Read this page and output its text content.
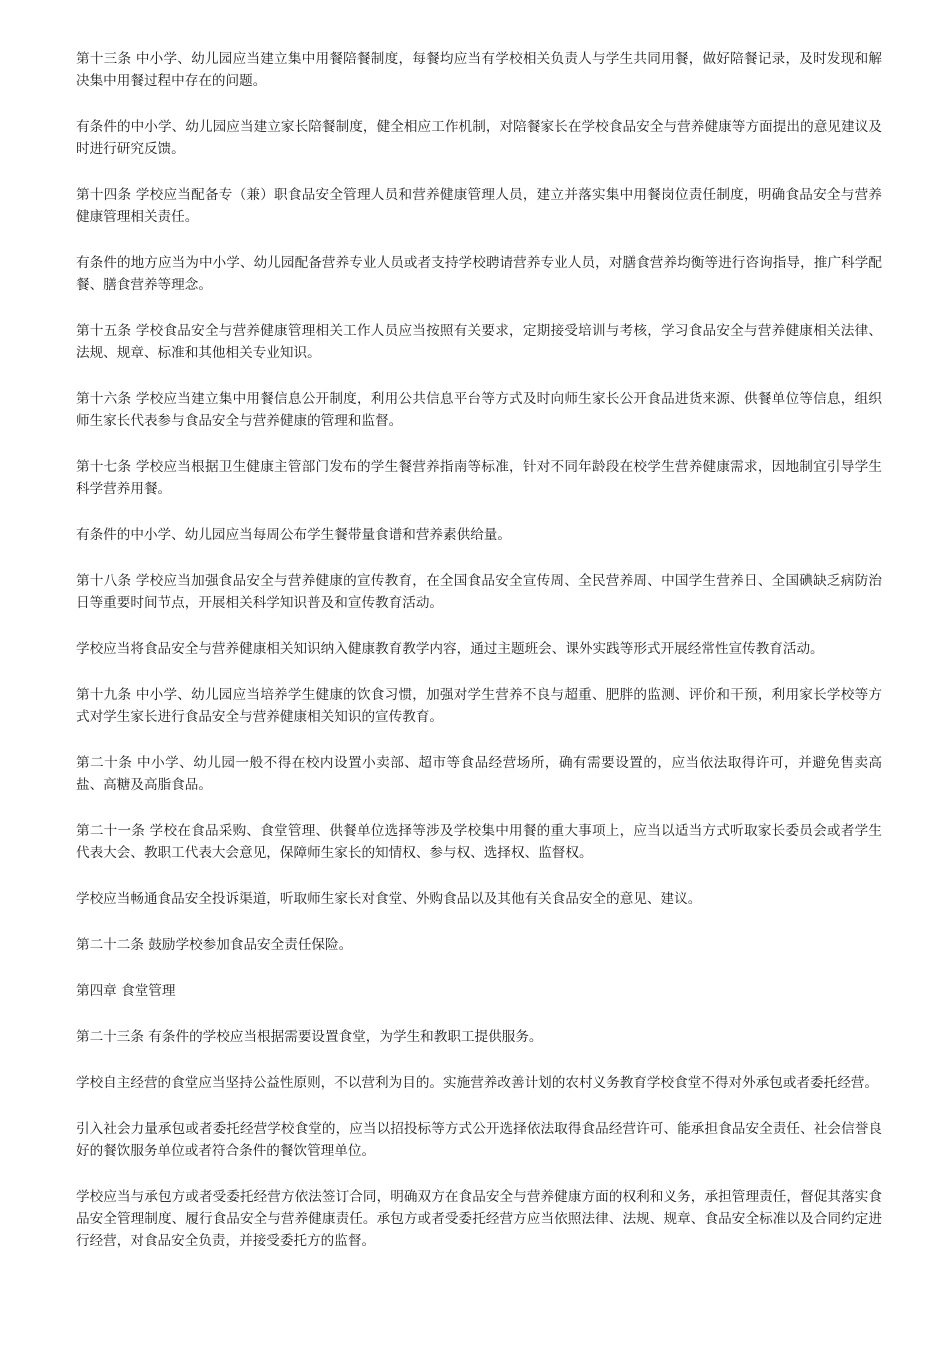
第十三条 中小学、幼儿园应当建立集中用餐陪餐制度，每餐均应当有学校相关负责人与学生共同用餐，做好陪餐记录，及时发现和解决集中用餐过程中存在的问题。

有条件的中小学、幼儿园应当建立家长陪餐制度，健全相应工作机制，对陪餐家长在学校食品安全与营养健康等方面提出的意见建议及时进行研究反馈。

第十四条 学校应当配备专（兼）职食品安全管理人员和营养健康管理人员，建立并落实集中用餐岗位责任制度，明确食品安全与营养健康管理相关责任。

有条件的地方应当为中小学、幼儿园配备营养专业人员或者支持学校聘请营养专业人员，对膳食营养均衡等进行咨询指导，推广科学配餐、膳食营养等理念。

第十五条 学校食品安全与营养健康管理相关工作人员应当按照有关要求，定期接受培训与考核，学习食品安全与营养健康相关法律、法规、规章、标准和其他相关专业知识。

第十六条 学校应当建立集中用餐信息公开制度，利用公共信息平台等方式及时向师生家长公开食品进货来源、供餐单位等信息，组织师生家长代表参与食品安全与营养健康的管理和监督。

第十七条 学校应当根据卫生健康主管部门发布的学生餐营养指南等标准，针对不同年龄段在校学生营养健康需求，因地制宜引导学生科学营养用餐。

有条件的中小学、幼儿园应当每周公布学生餐带量食谱和营养素供给量。

第十八条 学校应当加强食品安全与营养健康的宣传教育，在全国食品安全宣传周、全民营养周、中国学生营养日、全国碘缺乏病防治日等重要时间节点，开展相关科学知识普及和宣传教育活动。

学校应当将食品安全与营养健康相关知识纳入健康教育教学内容，通过主题班会、课外实践等形式开展经常性宣传教育活动。

第十九条 中小学、幼儿园应当培养学生健康的饮食习惯，加强对学生营养不良与超重、肥胖的监测、评价和干预，利用家长学校等方式对学生家长进行食品安全与营养健康相关知识的宣传教育。

第二十条 中小学、幼儿园一般不得在校内设置小卖部、超市等食品经营场所，确有需要设置的，应当依法取得许可，并避免售卖高盐、高糖及高脂食品。

第二十一条 学校在食品采购、食堂管理、供餐单位选择等涉及学校集中用餐的重大事项上，应当以适当方式听取家长委员会或者学生代表大会、教职工代表大会意见，保障师生家长的知情权、参与权、选择权、监督权。

学校应当畅通食品安全投诉渠道，听取师生家长对食堂、外购食品以及其他有关食品安全的意见、建议。

第二十二条 鼓励学校参加食品安全责任保险。

第四章 食堂管理

第二十三条 有条件的学校应当根据需要设置食堂，为学生和教职工提供服务。

学校自主经营的食堂应当坚持公益性原则，不以营利为目的。实施营养改善计划的农村义务教育学校食堂不得对外承包或者委托经营。

引入社会力量承包或者委托经营学校食堂的，应当以招投标等方式公开选择依法取得食品经营许可、能承担食品安全责任、社会信誉良好的餐饮服务单位或者符合条件的餐饮管理单位。

学校应当与承包方或者受委托经营方依法签订合同，明确双方在食品安全与营养健康方面的权利和义务，承担管理责任，督促其落实食品安全管理制度、履行食品安全与营养健康责任。承包方或者受委托经营方应当依照法律、法规、规章、食品安全标准以及合同约定进行经营，对食品安全负责，并接受委托方的监督。
